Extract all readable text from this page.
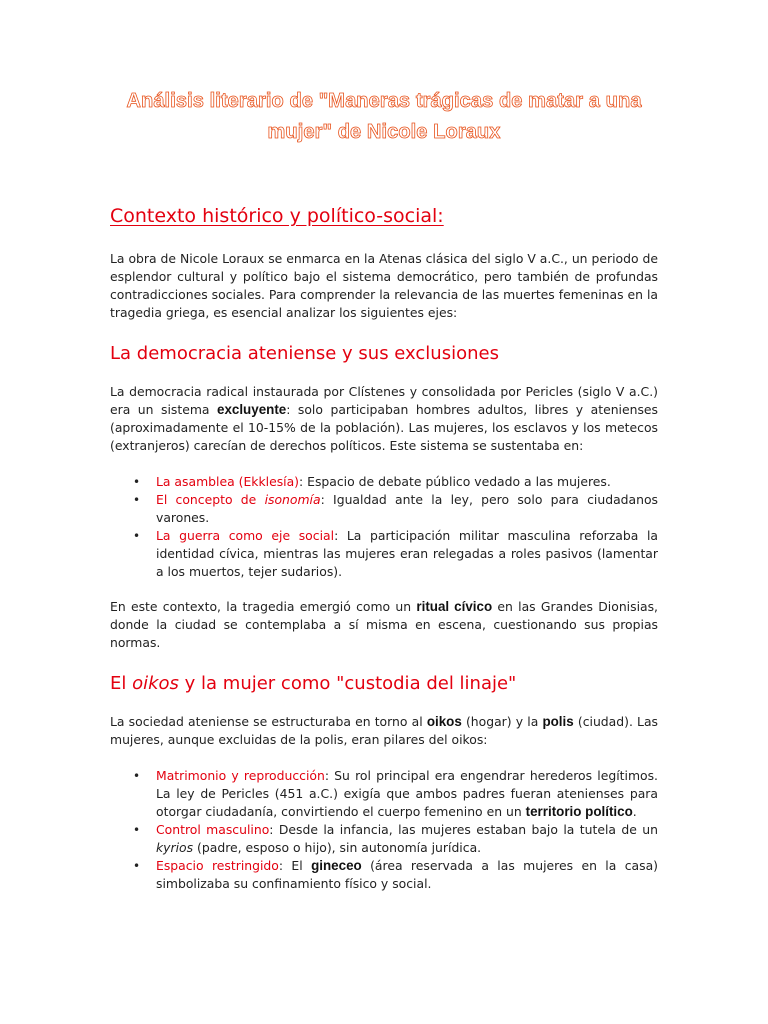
Análisis literario de "Maneras trágicas de matar a una
mujer" de Nicole Loraux
Contexto histórico y político-social:

La obra de Nicole Loraux se enmarca en la Atenas clásica del siglo V a.C., un periodo de esplendor cultural y político bajo el sistema democrático, pero también de profundas contradicciones sociales. Para comprender la relevancia de las muertes femeninas en la tragedia griega, es esencial analizar los siguientes ejes:

La democracia ateniense y sus exclusiones

La democracia radical instaurada por Clístenes y consolidada por Pericles (siglo V a.C.) era un sistema excluyente: solo participaban hombres adultos, libres y atenienses (aproximadamente el 10-15% de la población). Las mujeres, los esclavos y los metecos (extranjeros) carecían de derechos políticos. Este sistema se sustentaba en:

• La asamblea (Ekklesía): Espacio de debate público vedado a las mujeres.
• El concepto de isonomía: Igualdad ante la ley, pero solo para ciudadanos varones.
• La guerra como eje social: La participación militar masculina reforzaba la identidad cívica, mientras las mujeres eran relegadas a roles pasivos (lamentar a los muertos, tejer sudarios).

En este contexto, la tragedia emergió como un ritual cívico en las Grandes Dionisias, donde la ciudad se contemplaba a sí misma en escena, cuestionando sus propias normas.

El oikos y la mujer como "custodia del linaje"

La sociedad ateniense se estructuraba en torno al oikos (hogar) y la polis (ciudad). Las mujeres, aunque excluidas de la polis, eran pilares del oikos:

• Matrimonio y reproducción: Su rol principal era engendrar herederos legítimos. La ley de Pericles (451 a.C.) exigía que ambos padres fueran atenienses para otorgar ciudadanía, convirtiendo el cuerpo femenino en un territorio político.
• Control masculino: Desde la infancia, las mujeres estaban bajo la tutela de un kyrios (padre, esposo o hijo), sin autonomía jurídica.
• Espacio restringido: El gineceo (área reservada a las mujeres en la casa) simbolizaba su confinamiento físico y social.
